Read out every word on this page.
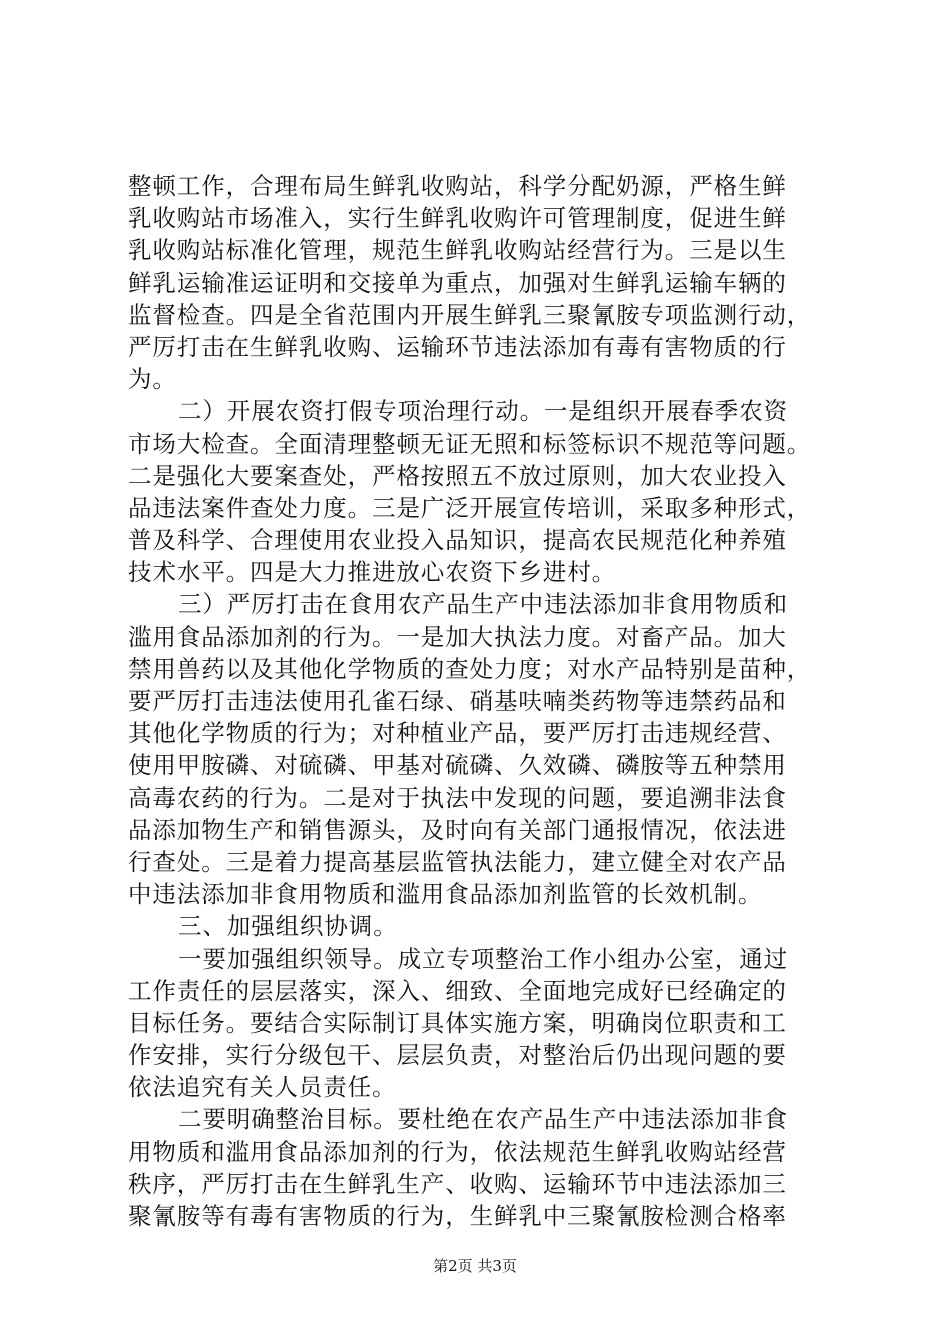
整顿工作，合理布局生鲜乳收购站，科学分配奶源，严格生鲜
乳收购站市场准入，实行生鲜乳收购许可管理制度，促进生鲜
乳收购站标准化管理，规范生鲜乳收购站经营行为。三是以生
鲜乳运输准运证明和交接单为重点，加强对生鲜乳运输车辆的
监督检查。四是全省范围内开展生鲜乳三聚氰胺专项监测行动，
严厉打击在生鲜乳收购、运输环节违法添加有毒有害物质的行
为。
二）开展农资打假专项治理行动。一是组织开展春季农资
市场大检查。全面清理整顿无证无照和标签标识不规范等问题。
二是强化大要案查处，严格按照五不放过原则，加大农业投入
品违法案件查处力度。三是广泛开展宣传培训，采取多种形式，
普及科学、合理使用农业投入品知识，提高农民规范化种养殖
技术水平。四是大力推进放心农资下乡进村。
三）严厉打击在食用农产品生产中违法添加非食用物质和
滥用食品添加剂的行为。一是加大执法力度。对畜产品。加大
禁用兽药以及其他化学物质的查处力度；对水产品特别是苗种，
要严厉打击违法使用孔雀石绿、硝基呋喃类药物等违禁药品和
其他化学物质的行为；对种植业产品，要严厉打击违规经营、
使用甲胺磷、对硫磷、甲基对硫磷、久效磷、磷胺等五种禁用
高毒农药的行为。二是对于执法中发现的问题，要追溯非法食
品添加物生产和销售源头，及时向有关部门通报情况，依法进
行查处。三是着力提高基层监管执法能力，建立健全对农产品
中违法添加非食用物质和滥用食品添加剂监管的长效机制。
三、加强组织协调。
一要加强组织领导。成立专项整治工作小组办公室，通过
工作责任的层层落实，深入、细致、全面地完成好已经确定的
目标任务。要结合实际制订具体实施方案，明确岗位职责和工
作安排，实行分级包干、层层负责，对整治后仍出现问题的要
依法追究有关人员责任。
二要明确整治目标。要杜绝在农产品生产中违法添加非食
用物质和滥用食品添加剂的行为，依法规范生鲜乳收购站经营
秩序，严厉打击在生鲜乳生产、收购、运输环节中违法添加三
聚氰胺等有毒有害物质的行为，生鲜乳中三聚氰胺检测合格率
第2页 共3页
